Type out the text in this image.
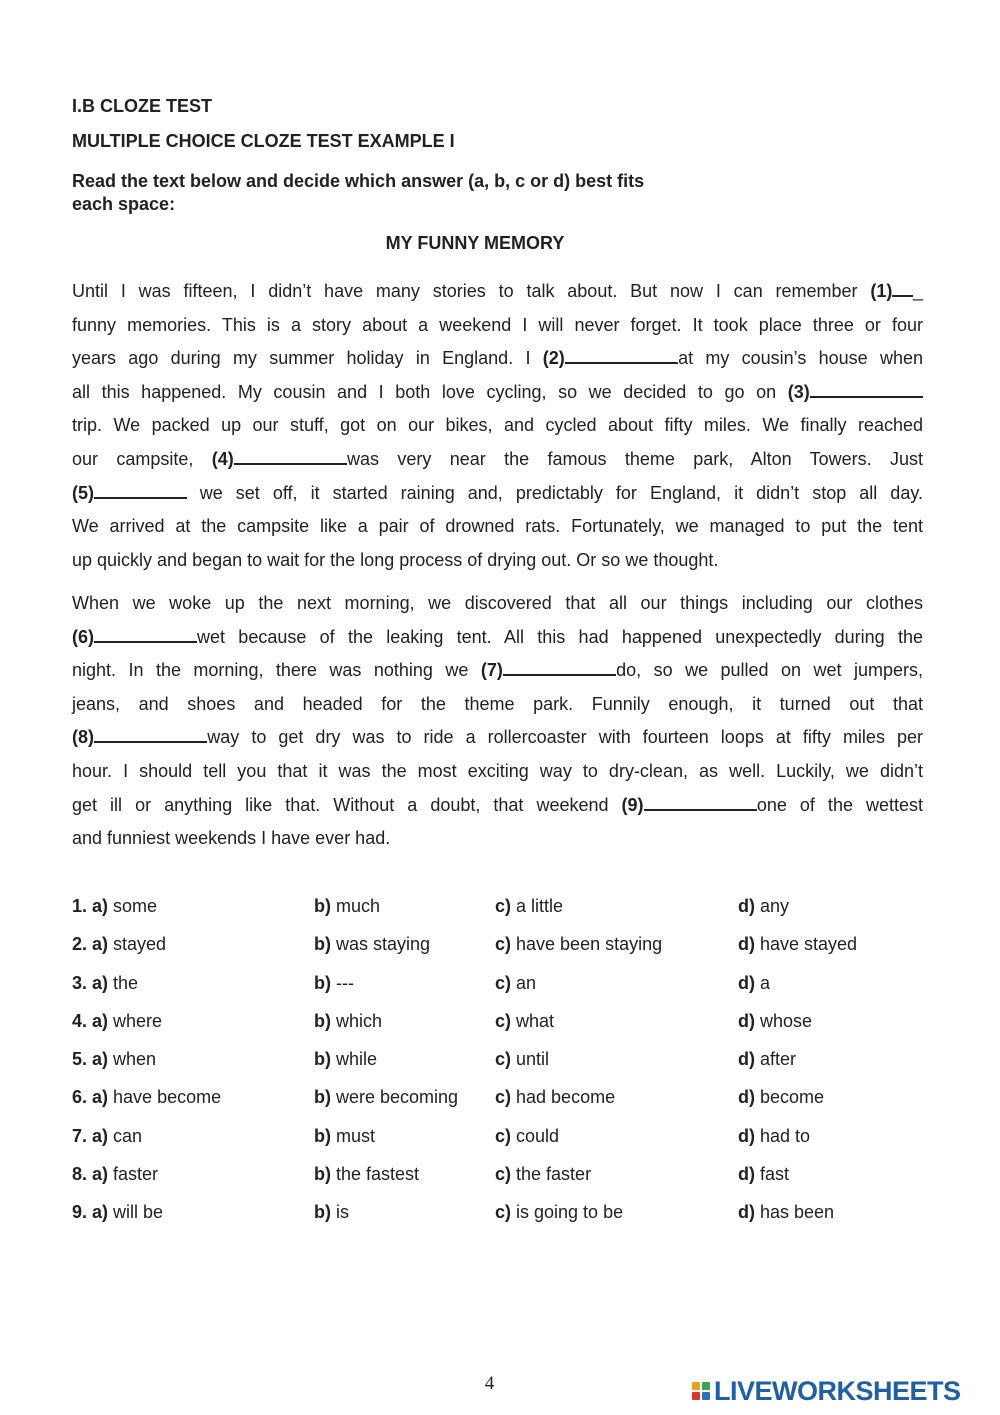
I.B CLOZE TEST
MULTIPLE CHOICE CLOZE TEST EXAMPLE I
Read the text below and decide which answer (a, b, c or d) best fits each space:
MY FUNNY MEMORY
Until I was fifteen, I didn’t have many stories to talk about. But now I can remember (1) _
funny memories. This is a story about a weekend I will never forget. It took place three or four
years ago during my summer holiday in England. I (2)	at my cousin’s house when
all this happened. My cousin and I both love cycling, so we decided to go on (3)
trip. We packed up our stuff, got on our bikes, and cycled about fifty miles. We finally reached
our campsite, (4)	was very near the famous theme park, Alton Towers. Just
(5)	we set off, it started raining and, predictably for England, it didn’t stop all day.
We arrived at the campsite like a pair of drowned rats. Fortunately, we managed to put the tent
up quickly and began to wait for the long process of drying out. Or so we thought.
When we woke up the next morning, we discovered that all our things including our clothes
(6)	wet because of the leaking tent. All this had happened unexpectedly during the
night. In the morning, there was nothing we (7)	do, so we pulled on wet jumpers,
jeans, and shoes and headed for the theme park. Funnily enough, it turned out that
(8)	way to get dry was to ride a rollercoaster with fourteen loops at fifty miles per
hour. I should tell you that it was the most exciting way to dry-clean, as well. Luckily, we didn’t
get ill or anything like that. Without a doubt, that weekend (9)	one of the wettest
and funniest weekends I have ever had.
1. a) some	b) much	c) a little	d) any
2. a) stayed	b) was staying	c) have been staying	d) have stayed
3. a) the	b) ---	c) an	d) a
4. a) where	b) which	c) what	d) whose
5. a) when	b) while	c) until	d) after
6. a) have become	b) were becoming c) had become	d) become
7. a) can	b) must	c) could	d) had to
8. a) faster	b) the fastest	c) the faster	d) fast
9. a) will be	b) is	c) is going to be	d) has been
4	LIVEWORKSHEETS
